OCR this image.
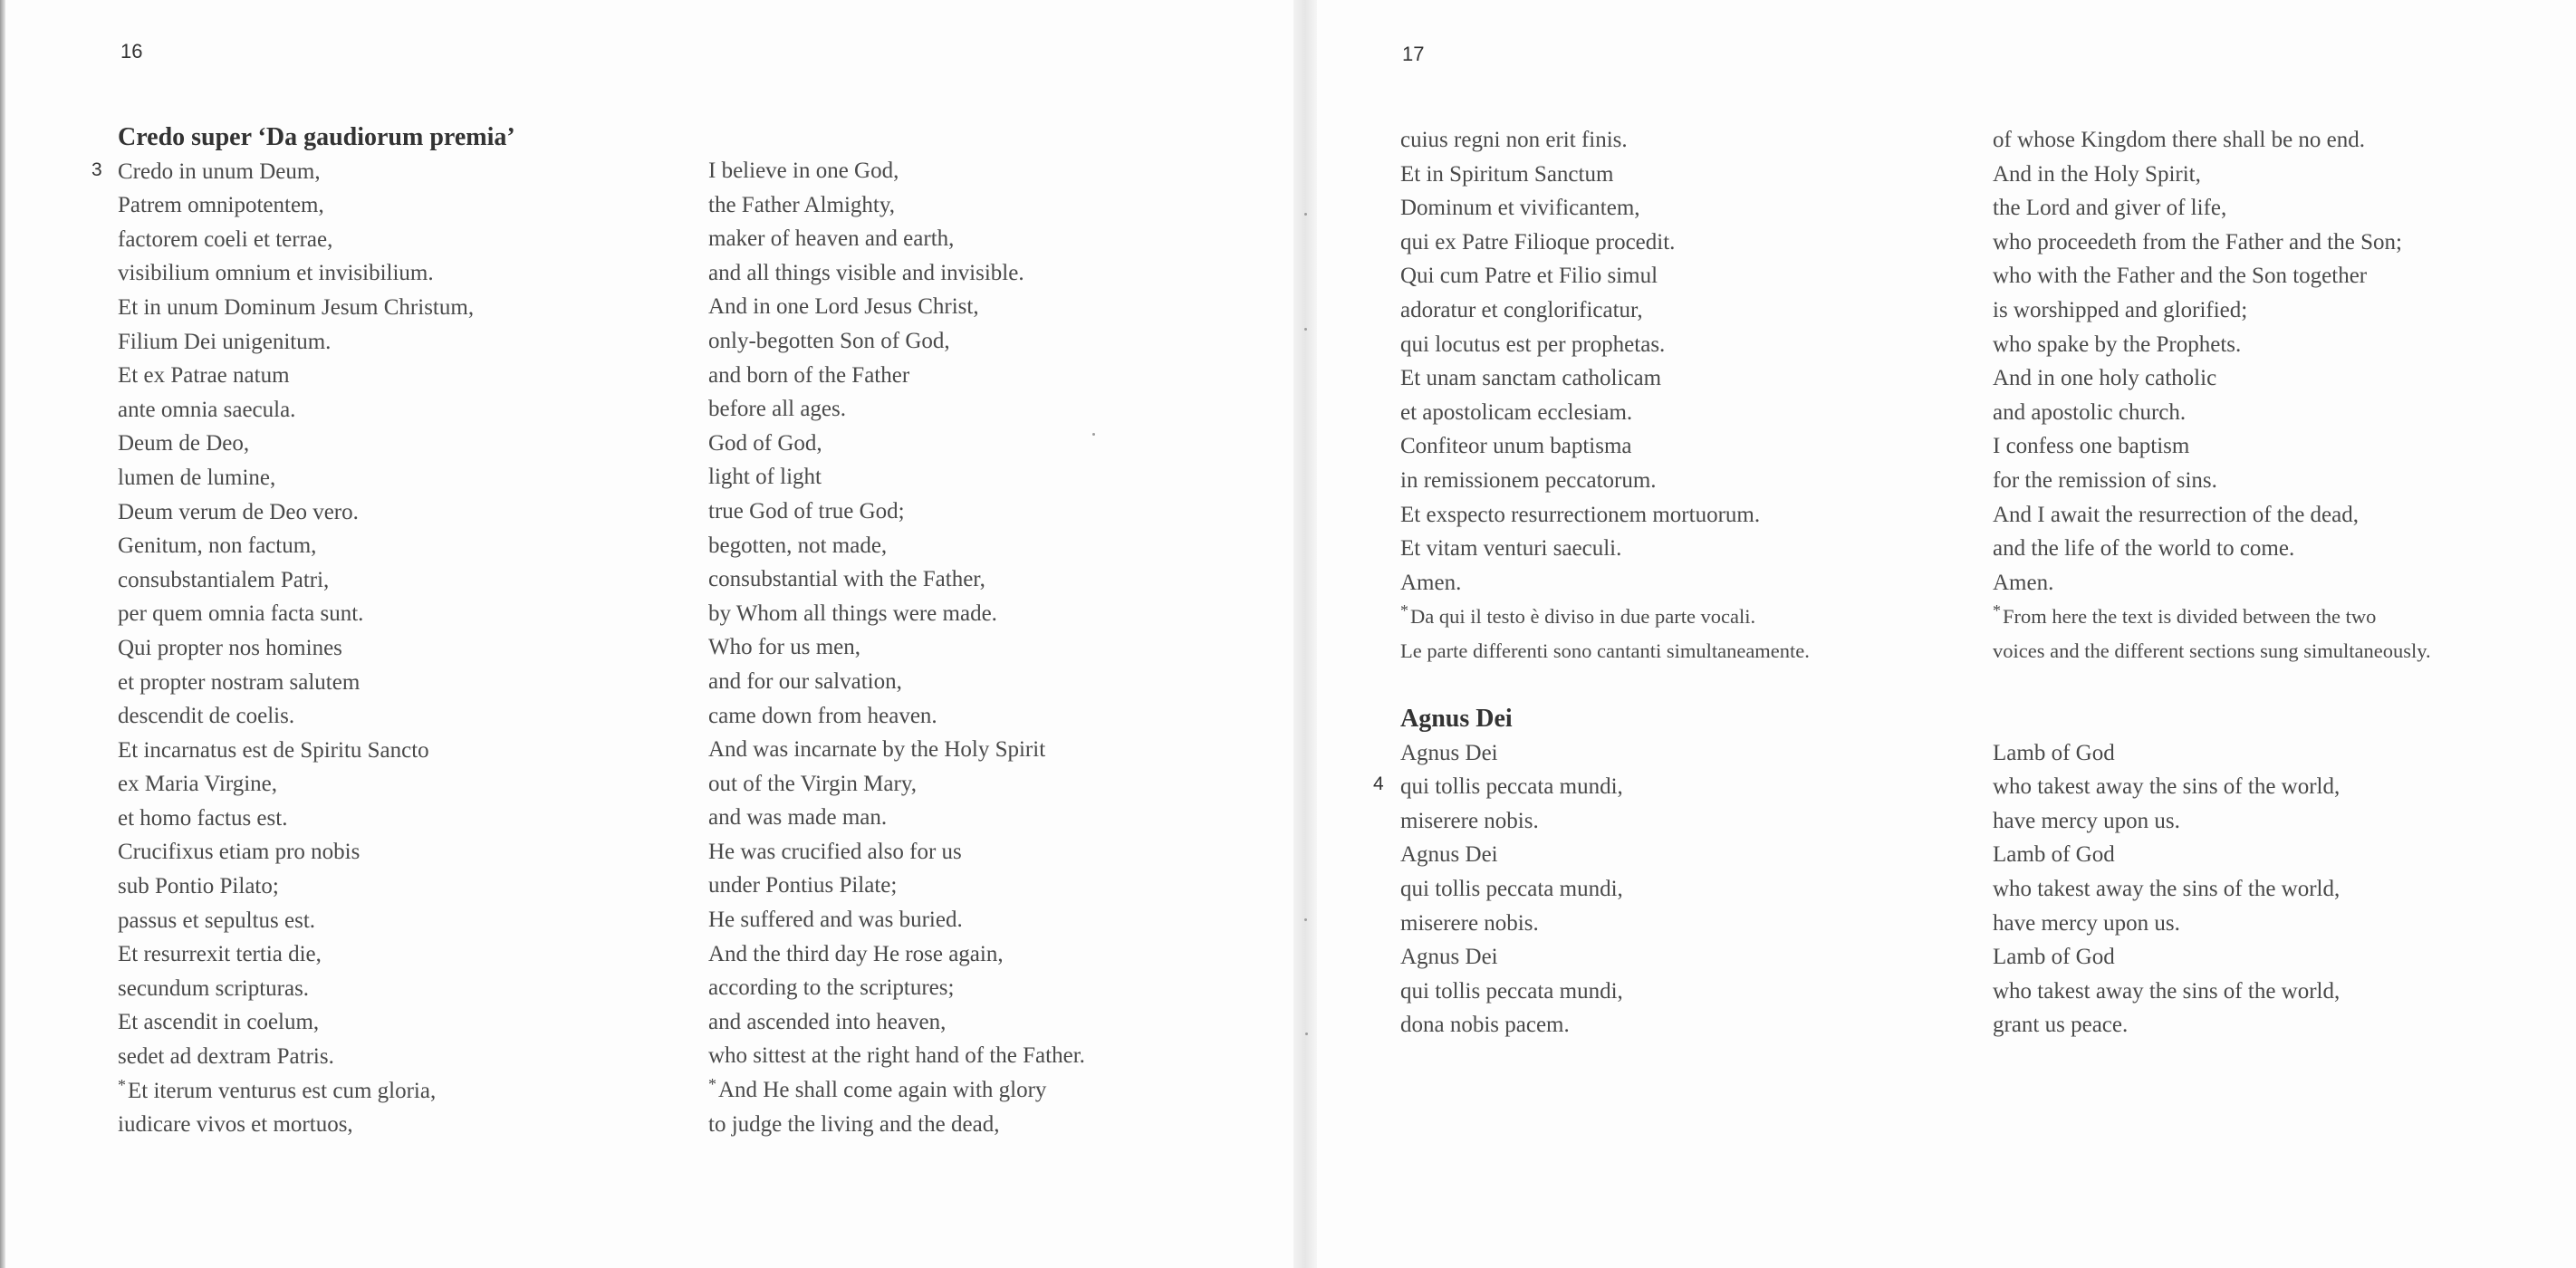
16	17
3
4
Credo super ‘Da gaudiorum premia’
Credo in unum Deum,
Patrem omnipotentem,
factorem coeli et terrae,
visibilium omnium et invisibilium.
Et in unum Dominum Jesum Christum,
Filium Dei unigenitum.
Et ex Patrae natum
ante omnia saecula.
Deum de Deo,
lumen de lumine,
Deum verum de Deo vero.
Genitum, non factum,
consubstantialem Patri,
per quem omnia facta sunt.
Qui propter nos homines
et propter nostram salutem
descendit de coelis.
Et incarnatus est de Spiritu Sancto
ex Maria Virgine,
et homo factus est.
Crucifixus etiam pro nobis
sub Pontio Pilato;
passus et sepultus est.
Et resurrexit tertia die,
secundum scripturas.
Et ascendit in coelum,
sedet ad dextram Patris.
*Et iterum venturus est cum gloria,
iudicare vivos et mortuos,
I believe in one God,
the Father Almighty,
maker of heaven and earth,
and all things visible and invisible.
And in one Lord Jesus Christ,
only-begotten Son of God,
and born of the Father
before all ages.
God of God,
light of light
true God of true God;
begotten, not made,
consubstantial with the Father,
by Whom all things were made.
Who for us men,
and for our salvation,
came down from heaven.
And was incarnate by the Holy Spirit
out of the Virgin Mary,
and was made man.
He was crucified also for us
under Pontius Pilate;
He suffered and was buried.
And the third day He rose again,
according to the scriptures;
and ascended into heaven,
who sittest at the right hand of the Father.
*And He shall come again with glory
to judge the living and the dead,
cuius regni non erit finis.
Et in Spiritum Sanctum
Dominum et vivificantem,
qui ex Patre Filioque procedit.
Qui cum Patre et Filio simul
adoratur et conglorificatur,
qui locutus est per prophetas.
Et unam sanctam catholicam
et apostolicam ecclesiam.
Confiteor unum baptisma
in remissionem peccatorum.
Et exspecto resurrectionem mortuorum.
Et vitam venturi saeculi.
Amen.
*Da qui il testo è diviso in due parte vocali.
Le parte differenti sono cantanti simultaneamente.
Agnus Dei
Agnus Dei
qui tollis peccata mundi,
miserere nobis.
Agnus Dei
qui tollis peccata mundi,
miserere nobis.
Agnus Dei
qui tollis peccata mundi,
dona nobis pacem.
of whose Kingdom there shall be no end.
And in the Holy Spirit,
the Lord and giver of life,
who proceedeth from the Father and the Son;
who with the Father and the Son together
is worshipped and glorified;
who spake by the Prophets.
And in one holy catholic
and apostolic church.
I confess one baptism
for the remission of sins.
And I await the resurrection of the dead,
and the life of the world to come.
Amen.
*From here the text is divided between the two
voices and the different sections sung simultaneously.
Lamb of God
who takest away the sins of the world,
have mercy upon us.
Lamb of God
who takest away the sins of the world,
have mercy upon us.
Lamb of God
who takest away the sins of the world,
grant us peace.
